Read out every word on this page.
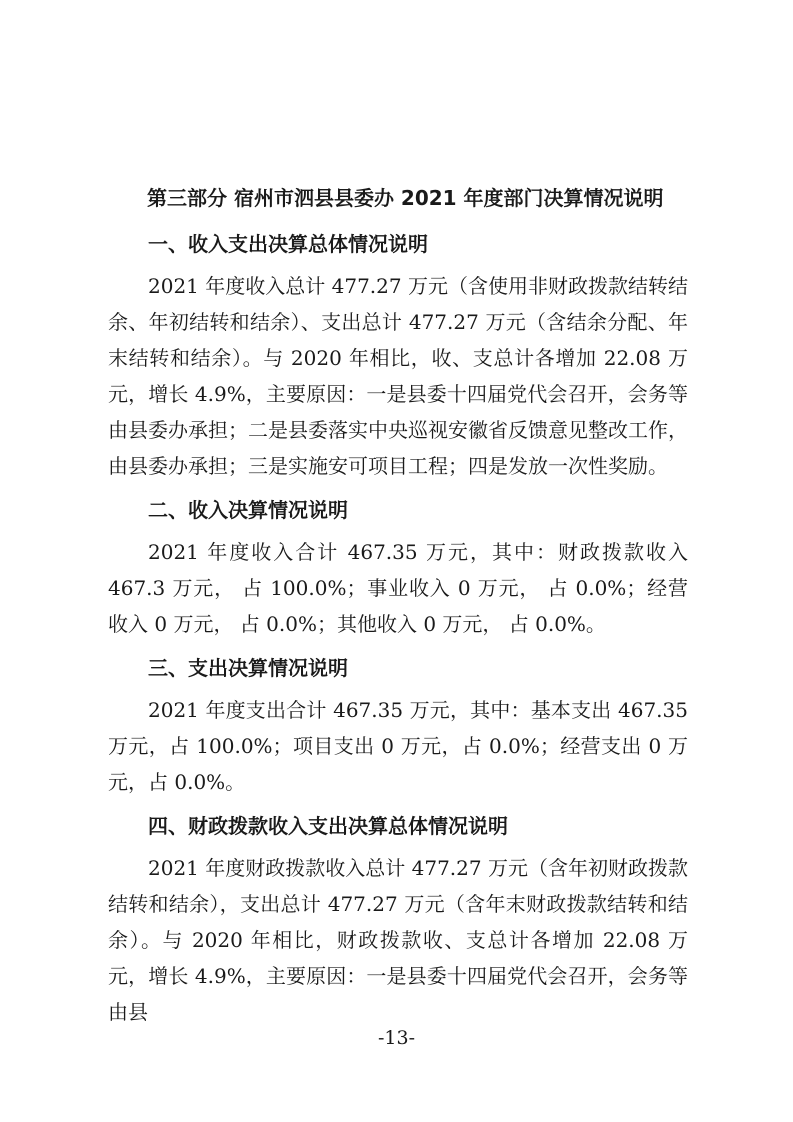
第三部分 宿州市泗县县委办 2021 年度部门决算情况说明
一、收入支出决算总体情况说明

2021 年度收入总计 477.27 万元（含使用非财政拨款结转结余、年初结转和结余）、支出总计 477.27 万元（含结余分配、年末结转和结余）。与 2020 年相比，收、支总计各增加 22.08 万元，增长 4.9%，主要原因：一是县委十四届党代会召开，会务等由县委办承担；二是县委落实中央巡视安徽省反馈意见整改工作， 由县委办承担；三是实施安可项目工程；四是发放一次性奖励。

二、收入决算情况说明

2021 年度收入合计 467.35 万元，其中：财政拨款收入 467.3 万元， 占 100.0%；事业收入 0 万元， 占 0.0%；经营收入 0 万元， 占 0.0%；其他收入 0 万元， 占 0.0%。

三、支出决算情况说明

2021 年度支出合计 467.35 万元，其中：基本支出 467.35 万元，占 100.0%；项目支出 0 万元，占 0.0%；经营支出 0 万元，占 0.0%。

四、财政拨款收入支出决算总体情况说明

2021 年度财政拨款收入总计 477.27 万元（含年初财政拨款结转和结余），支出总计 477.27 万元（含年末财政拨款结转和结余）。与 2020 年相比，财政拨款收、支总计各增加 22.08 万元，增长 4.9%，主要原因：一是县委十四届党代会召开，会务等由县

-13-
